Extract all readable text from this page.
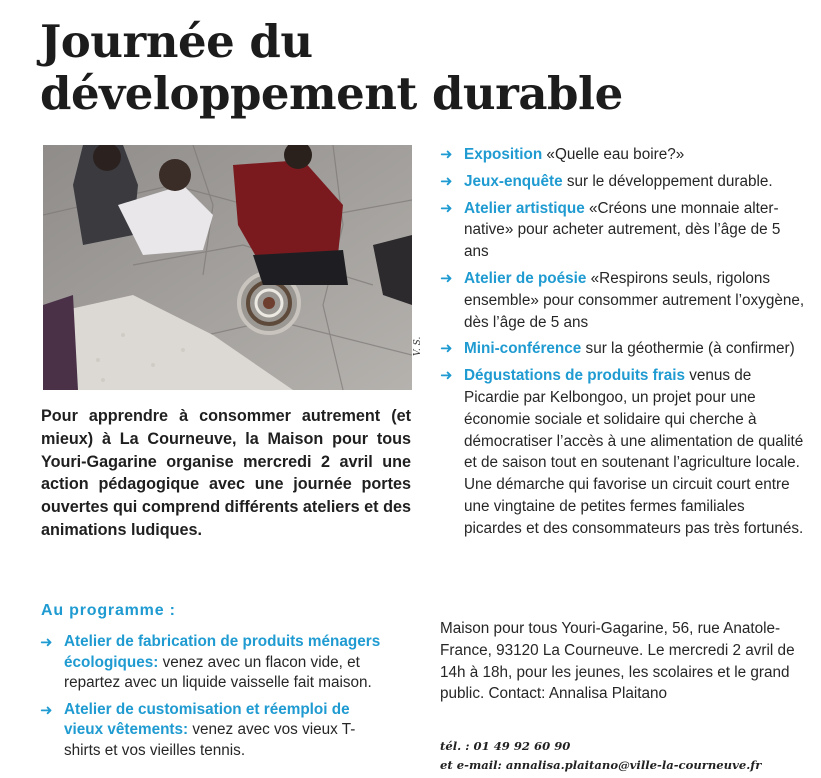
Journée du
développement durable
V. S.

Pour apprendre à consommer autrement (et mieux) à La Courneuve, la Maison pour tous Youri-Gagarine organise mercredi 2 avril une action pédagogique avec une journée portes ouvertes qui comprend différents ateliers et des animations ludiques.

Au programme :
➜ Atelier de fabrication de produits ménagers écologiques: venez avec un flacon vide, et repartez avec un liquide vaisselle fait maison.
➜ Atelier de customisation et réemploi de vieux vêtements: venez avec vos vieux T-shirts et vos vieilles tennis.
➜ Exposition «Quelle eau boire?»
➜ Jeux-enquête sur le développement durable.
➜ Atelier artistique «Créons une monnaie alternative» pour acheter autrement, dès l’âge de 5 ans
➜ Atelier de poésie «Respirons seuls, rigolons ensemble» pour consommer autrement l’oxygène, dès l’âge de 5 ans
➜ Mini-conférence sur la géothermie (à confirmer)
➜ Dégustations de produits frais venus de Picardie par Kelbongoo, un projet pour une économie sociale et solidaire qui cherche à démocratiser l’accès à une alimentation de qualité et de saison tout en soutenant l’agriculture locale. Une démarche qui favorise un circuit court entre une vingtaine de petites fermes familiales picardes et des consommateurs pas très fortunés.

Maison pour tous Youri-Gagarine, 56, rue Anatole-France, 93120 La Courneuve. Le mercredi 2 avril de 14h à 18h, pour les jeunes, les scolaires et le grand public. Contact: Annalisa Plaitano

tél. : 01 49 92 60 90
et e-mail: annalisa.plaitano@ville-la-courneuve.fr
